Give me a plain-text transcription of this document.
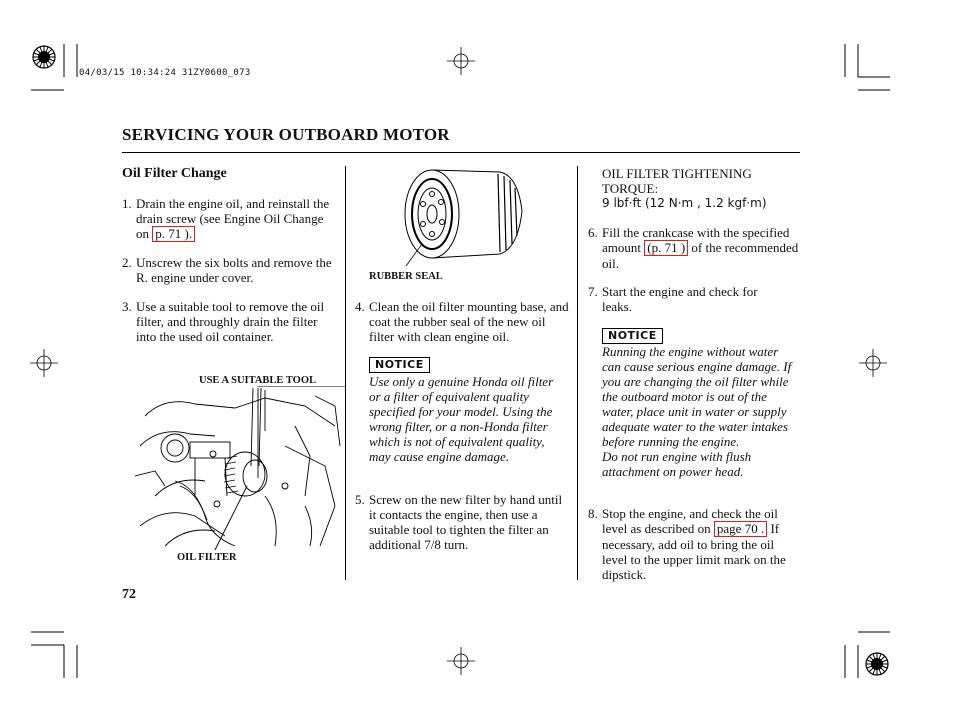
04/03/15 10:34:24 31ZY0600_073
SERVICING YOUR OUTBOARD MOTOR
Oil Filter Change
1. Drain the engine oil, and reinstall the drain screw (see Engine Oil Change on p. 71 ).
2. Unscrew the six bolts and remove the R. engine under cover.
3. Use a suitable tool to remove the oil filter, and throughly drain the filter into the used oil container.
USE A SUITABLE TOOL
OIL FILTER
RUBBER SEAL
4. Clean the oil filter mounting base, and coat the rubber seal of the new oil filter with clean engine oil.
NOTICE
Use only a genuine Honda oil filter or a filter of equivalent quality specified for your model. Using the wrong filter, or a non-Honda filter which is not of equivalent quality, may cause engine damage.
5. Screw on the new filter by hand until it contacts the engine, then use a suitable tool to tighten the filter an additional 7/8 turn.
OIL FILTER TIGHTENING
TORQUE:
9 lbf·ft (12 N·m , 1.2 kgf·m)
6. Fill the crankcase with the specified amount (p. 71 ) of the recommended oil.
7. Start the engine and check for leaks.
NOTICE
Running the engine without water can cause serious engine damage. If you are changing the oil filter while the outboard motor is out of the water, place unit in water or supply adequate water to the water intakes before running the engine.
Do not run engine with flush attachment on power head.
8. Stop the engine, and check the oil level as described on page 70 . If necessary, add oil to bring the oil level to the upper limit mark on the dipstick.
72
